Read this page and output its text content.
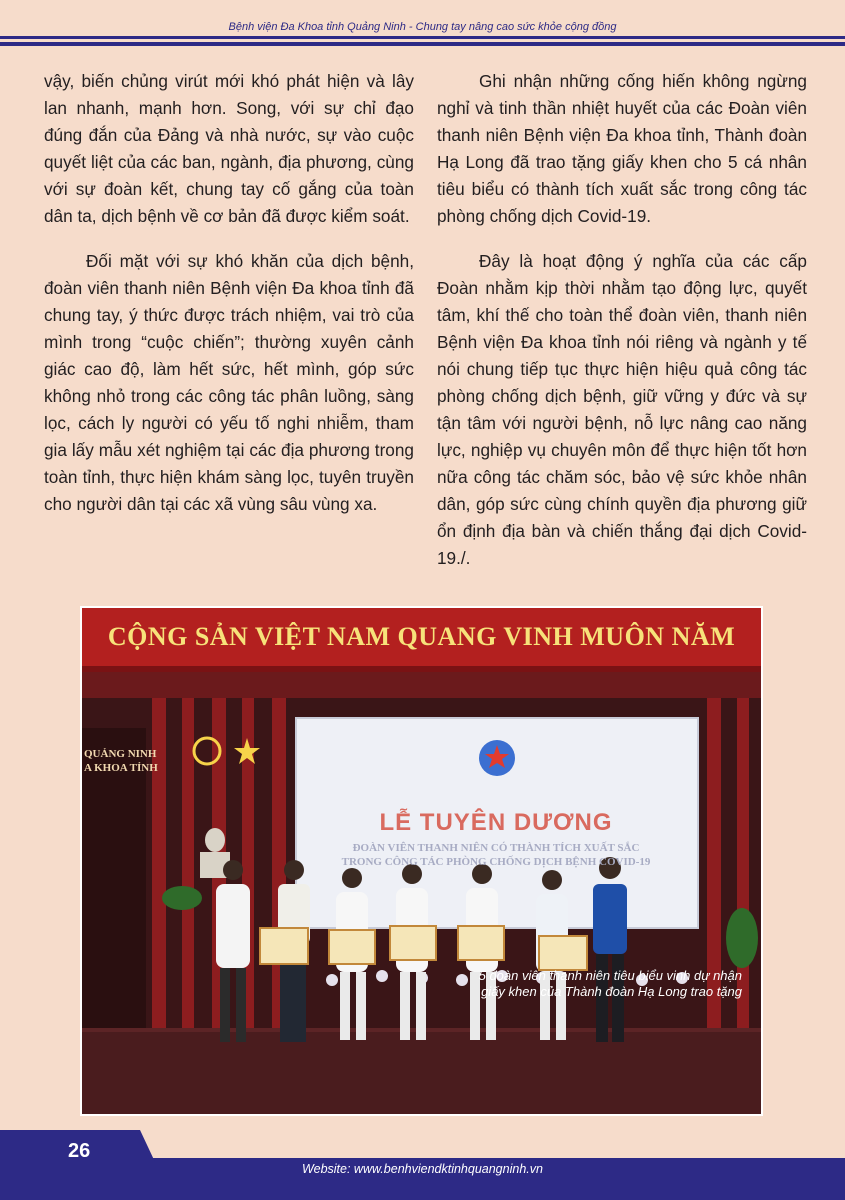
Bệnh viện Đa Khoa tỉnh Quảng Ninh - Chung tay nâng cao sức khỏe cộng đồng

vậy, biến chủng virút mới khó phát hiện và lây lan nhanh, mạnh hơn. Song, với sự chỉ đạo đúng đắn của Đảng và nhà nước, sự vào cuộc quyết liệt của các ban, ngành, địa phương, cùng với sự đoàn kết, chung tay cố gắng của toàn dân ta, dịch bệnh về cơ bản đã được kiểm soát.

Đối mặt với sự khó khăn của dịch bệnh, đoàn viên thanh niên Bệnh viện Đa khoa tỉnh đã chung tay, ý thức được trách nhiệm, vai trò của mình trong “cuộc chiến”; thường xuyên cảnh giác cao độ, làm hết sức, hết mình, góp sức không nhỏ trong các công tác phân luồng, sàng lọc, cách ly người có yếu tố nghi nhiễm, tham gia lấy mẫu xét nghiệm tại các địa phương trong toàn tỉnh, thực hiện khám sàng lọc, tuyên truyền cho người dân tại các xã vùng sâu vùng xa.

Ghi nhận những cống hiến không ngừng nghỉ và tinh thần nhiệt huyết của các Đoàn viên thanh niên Bệnh viện Đa khoa tỉnh, Thành đoàn Hạ Long đã trao tặng giấy khen cho 5 cá nhân tiêu biểu có thành tích xuất sắc trong công tác phòng chống dịch Covid-19.

Đây là hoạt động ý nghĩa của các cấp Đoàn nhằm kịp thời nhằm tạo động lực, quyết tâm, khí thế cho toàn thể đoàn viên, thanh niên Bệnh viện Đa khoa tỉnh nói riêng và ngành y tế nói chung tiếp tục thực hiện hiệu quả công tác phòng chống dịch bệnh, giữ vững y đức và sự tận tâm với người bệnh, nỗ lực nâng cao năng lực, nghiệp vụ chuyên môn để thực hiện tốt hơn nữa công tác chăm sóc, bảo vệ sức khỏe nhân dân, góp sức cùng chính quyền địa phương giữ ổn định địa bàn và chiến thắng đại dịch Covid-19./.

CỘNG SẢN VIỆT NAM QUANG VINH MUÔN NĂM
QUẢNG NINH
A KHOA TỈNH
LỄ TUYÊN DƯƠNG
ĐOÀN VIÊN THANH NIÊN CÓ THÀNH TÍCH XUẤT SẮC
TRONG CÔNG TÁC PHÒNG CHỐNG DỊCH BỆNH COVID-19
5 đoàn viên thanh niên tiêu biểu vinh dự nhận
giấy khen của Thành đoàn Hạ Long trao tặng
26
Website: www.benhviendktinhquangninh.vn
